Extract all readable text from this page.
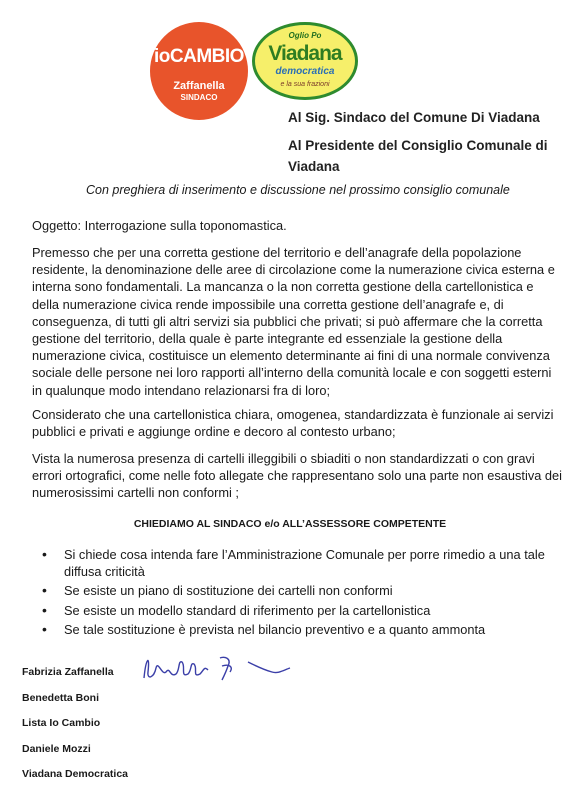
ioCAMBIO
Zaffanella
SINDACO
Oglio Po
Viadana
democratica
e la sua frazioni
Al Sig. Sindaco del Comune Di Viadana
Al Presidente del Consiglio Comunale di Viadana
Con preghiera di inserimento e discussione nel prossimo consiglio comunale
Oggetto: Interrogazione sulla toponomastica.
Premesso che per una corretta gestione del territorio e dell’anagrafe della popolazione residente, la denominazione delle aree di circolazione come la numerazione civica esterna e interna sono fondamentali. La mancanza o la non corretta gestione della cartellonistica e della numerazione civica rende impossibile una corretta gestione dell’anagrafe e, di conseguenza, di tutti gli altri servizi sia pubblici che privati; si può affermare che la corretta gestione del territorio, della quale è parte integrante ed essenziale la gestione della numerazione civica, costituisce un elemento determinante ai fini di una normale convivenza sociale delle persone nei loro rapporti all’interno della comunità locale e con soggetti esterni in qualunque modo intendano relazionarsi fra di loro;
Considerato che una cartellonistica chiara, omogenea, standardizzata è funzionale ai servizi pubblici e privati e aggiunge ordine e decoro al contesto urbano;
Vista la numerosa presenza di cartelli illeggibili o sbiaditi o non standardizzati o con gravi errori ortografici, come nelle foto allegate che rappresentano solo una parte non esaustiva dei numerosissimi cartelli non conformi ;
CHIEDIAMO AL SINDACO e/o ALL’ASSESSORE COMPETENTE
• Si chiede cosa intenda fare l’Amministrazione Comunale per porre rimedio a una tale diffusa criticità
• Se esiste un piano di sostituzione dei cartelli non conformi
• Se esiste un modello standard di riferimento per la cartellonistica
• Se tale sostituzione è prevista nel bilancio preventivo e a quanto ammonta
Fabrizia Zaffanella
Benedetta Boni
Lista Io Cambio
Daniele Mozzi
Viadana Democratica
